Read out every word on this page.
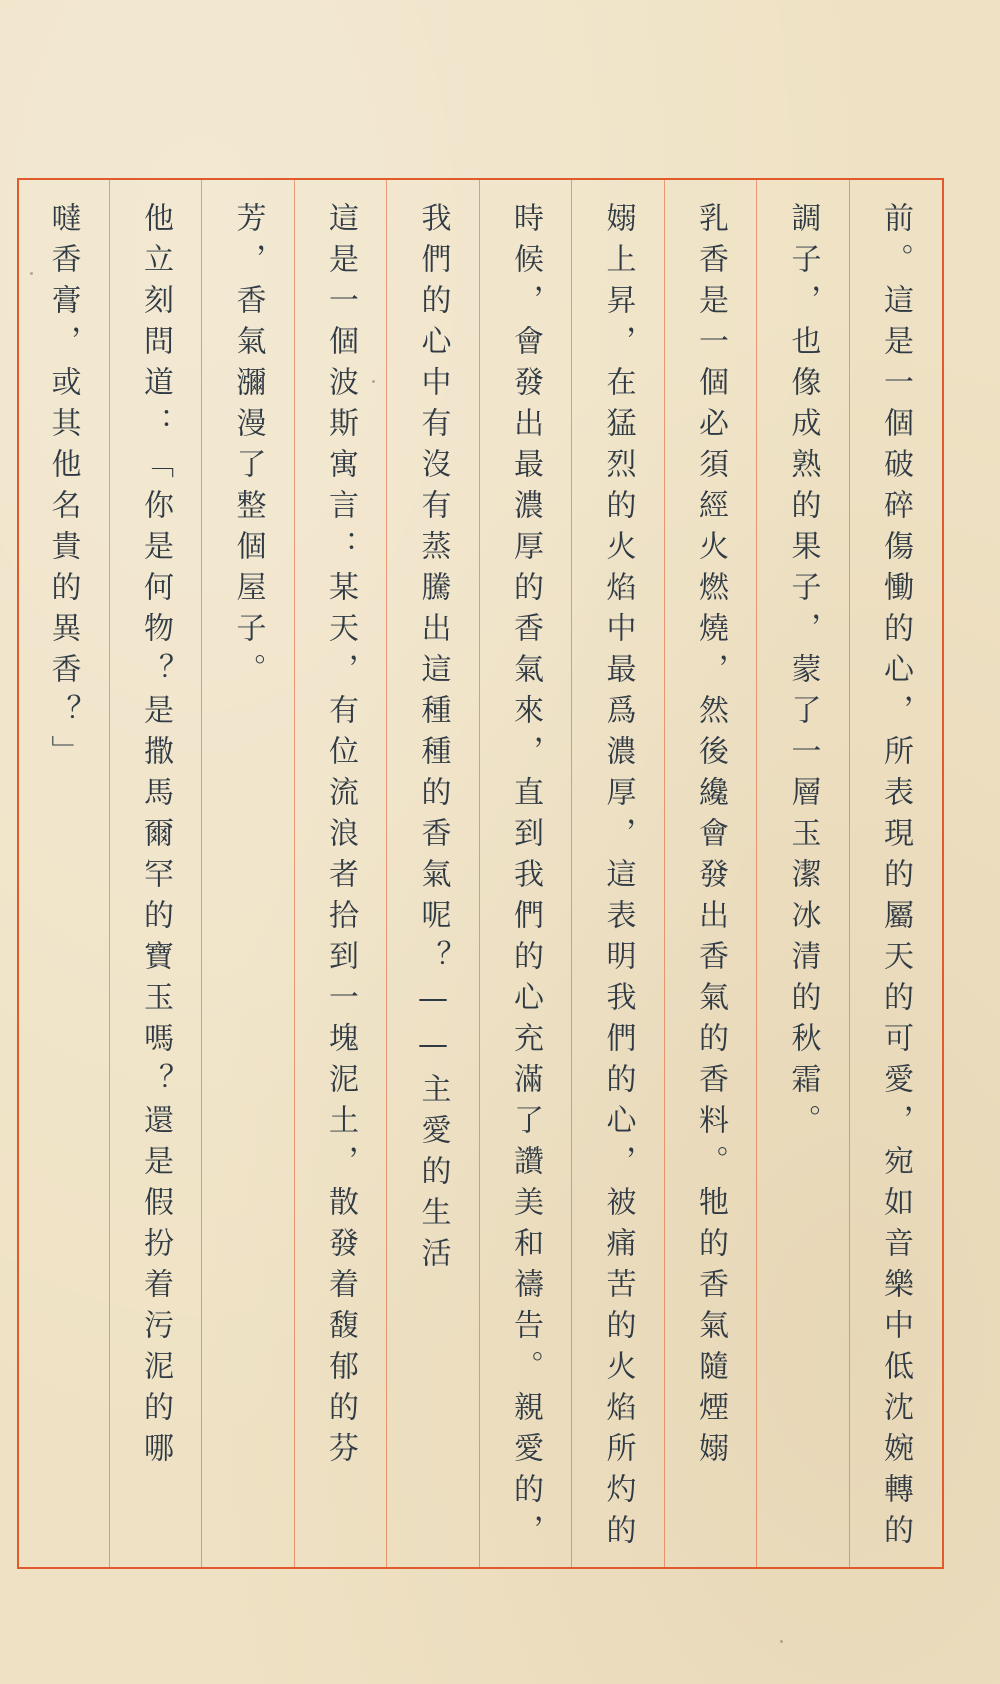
前。這是一個破碎傷慟的心，所表現的屬天的可愛，宛如音樂中低沈婉轉的
調子，也像成熟的果子，蒙了一層玉潔冰清的秋霜。
乳香是一個必須經火燃燒，然後纔會發出香氣的香料。牠的香氣隨煙嫋
嫋上昇，在猛烈的火焰中最爲濃厚，這表明我們的心，被痛苦的火焰所灼的
時候，會發出最濃厚的香氣來，直到我們的心充滿了讚美和禱告。親愛的，
我們的心中有沒有蒸騰出這種種的香氣呢？——主愛的生活
這是一個波斯寓言：某天，有位流浪者拾到一塊泥土，散發着馥郁的芬
芳，香氣瀰漫了整個屋子。
他立刻問道：「你是何物？是撒馬爾罕的寶玉嗎？還是假扮着污泥的哪
噠香膏，或其他名貴的異香？」
